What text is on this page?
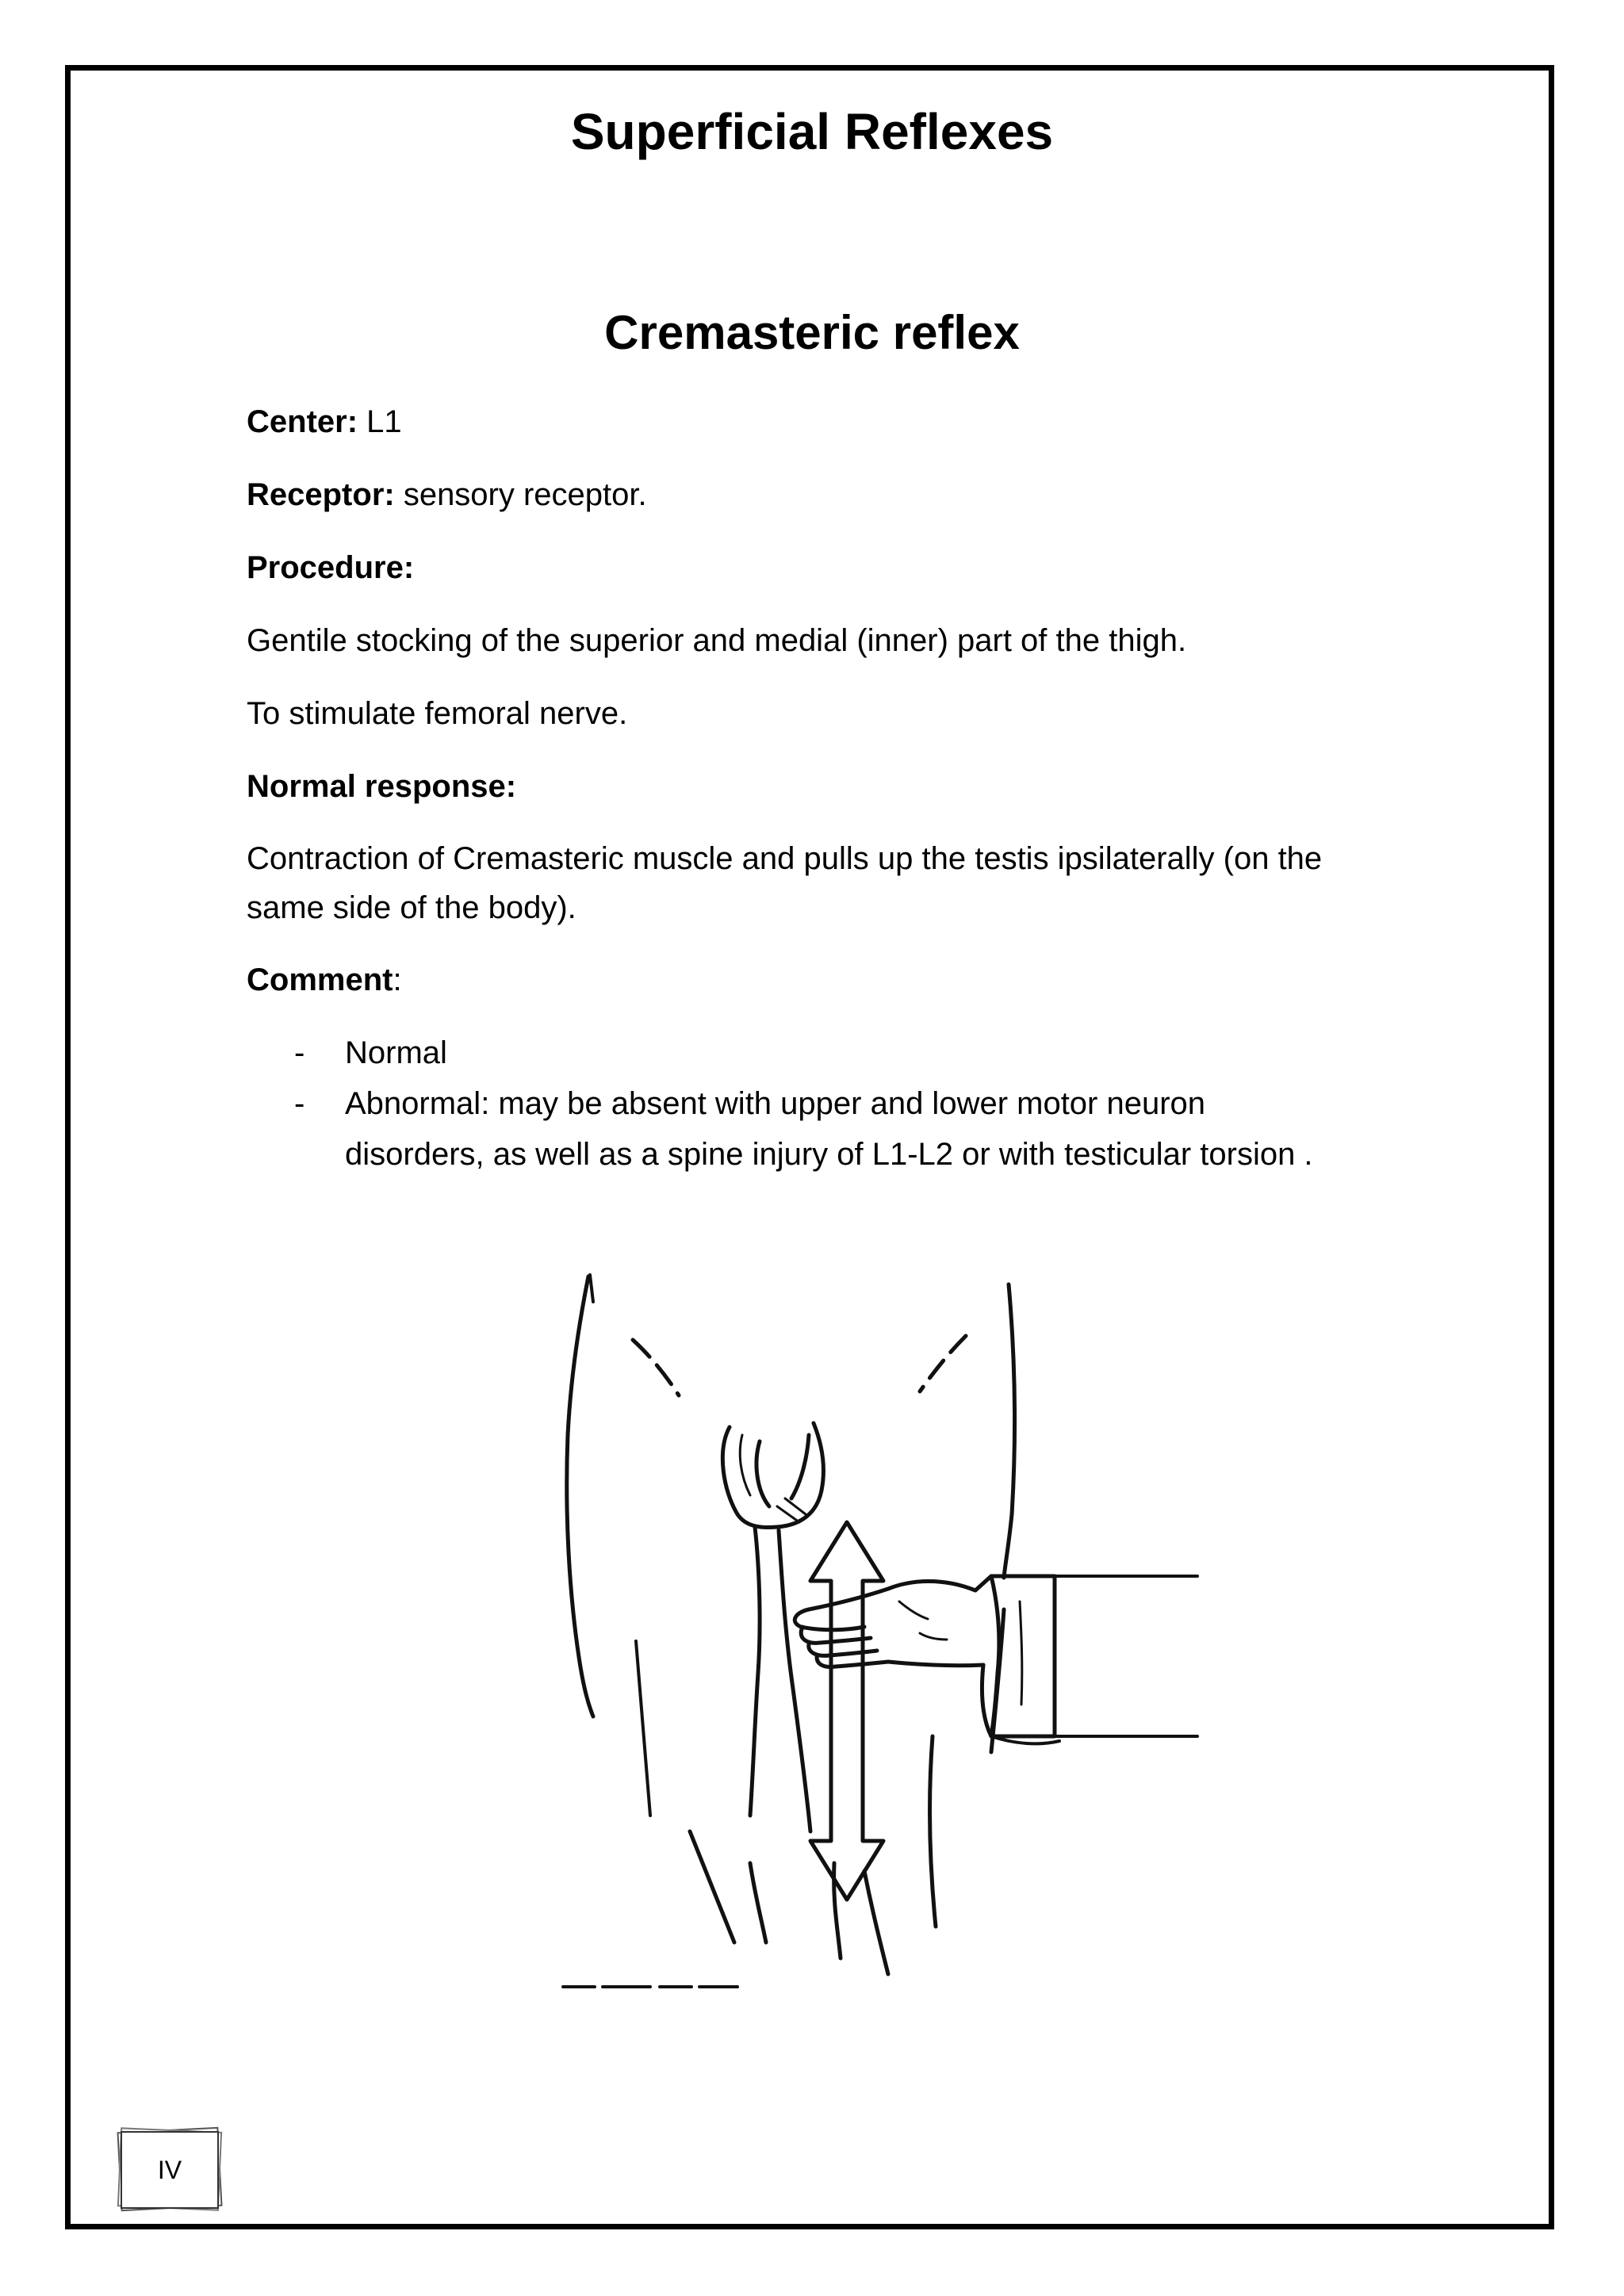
Superficial Reflexes
Cremasteric reflex

Center: L1

Receptor: sensory receptor.

Procedure:

Gentile stocking of the superior and medial (inner) part of the thigh.

To stimulate femoral nerve.

Normal response:

Contraction of Cremasteric muscle and pulls up the testis ipsilaterally (on the same side of the body).

Comment:

- Normal
- Abnormal: may be absent with upper and lower motor neuron disorders, as well as a spine injury of L1-L2 or with testicular torsion .
IV
